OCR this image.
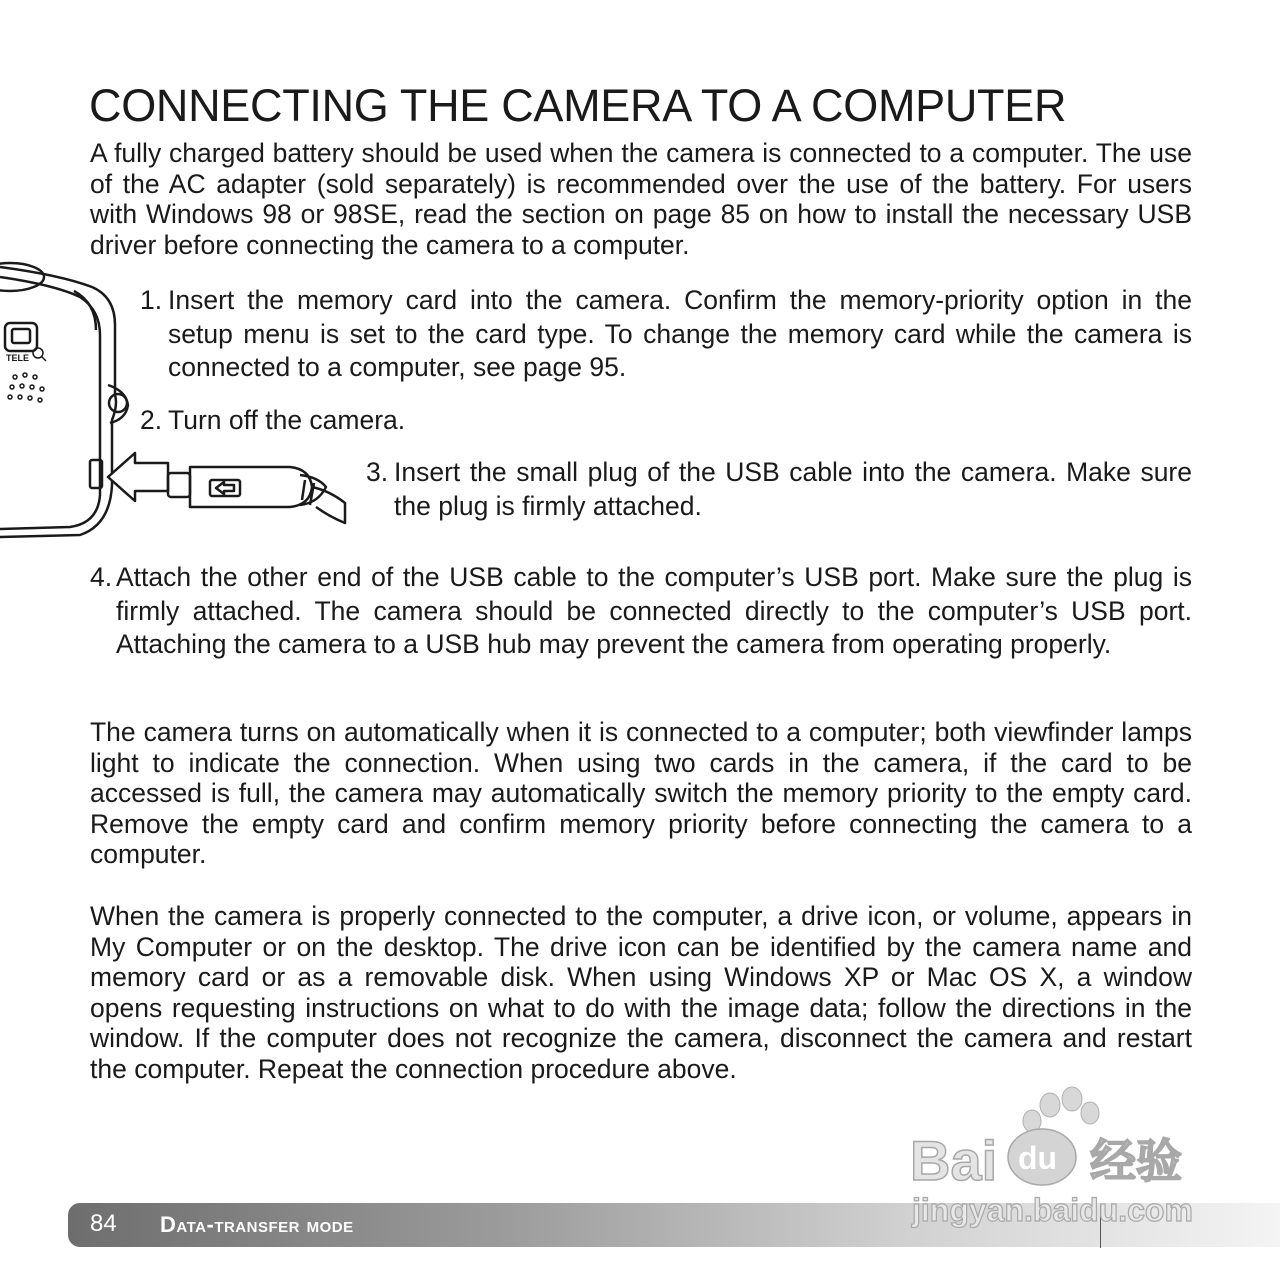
CONNECTING THE CAMERA TO A COMPUTER

A fully charged battery should be used when the camera is connected to a computer. The use of the AC adapter (sold separately) is recommended over the use of the battery. For users with Windows 98 or 98SE, read the section on page 85 on how to install the necessary USB driver before connecting the camera to a computer.

TELE
1. Insert the memory card into the camera. Confirm the memory-priority option in the setup menu is set to the card type. To change the memory card while the camera is connected to a computer, see page 95.
2. Turn off the camera.
3. Insert the small plug of the USB cable into the camera. Make sure the plug is firmly attached.
4. Attach the other end of the USB cable to the computer’s USB port. Make sure the plug is firmly attached. The camera should be connected directly to the computer’s USB port. Attaching the camera to a USB hub may prevent the camera from operating properly.

The camera turns on automatically when it is connected to a computer; both viewfinder lamps light to indicate the connection. When using two cards in the camera, if the card to be accessed is full, the camera may automatically switch the memory priority to the empty card. Remove the empty card and confirm memory priority before connecting the camera to a computer.

When the camera is properly connected to the computer, a drive icon, or volume, appears in My Computer or on the desktop. The drive icon can be identified by the camera name and memory card or as a removable disk. When using Windows XP or Mac OS X, a window opens requesting instructions on what to do with the image data; follow the directions in the window. If the computer does not recognize the camera, disconnect the camera and restart the computer. Repeat the connection procedure above.

84 Data-transfer mode
Bai du 经验
jingyan.baidu.com
